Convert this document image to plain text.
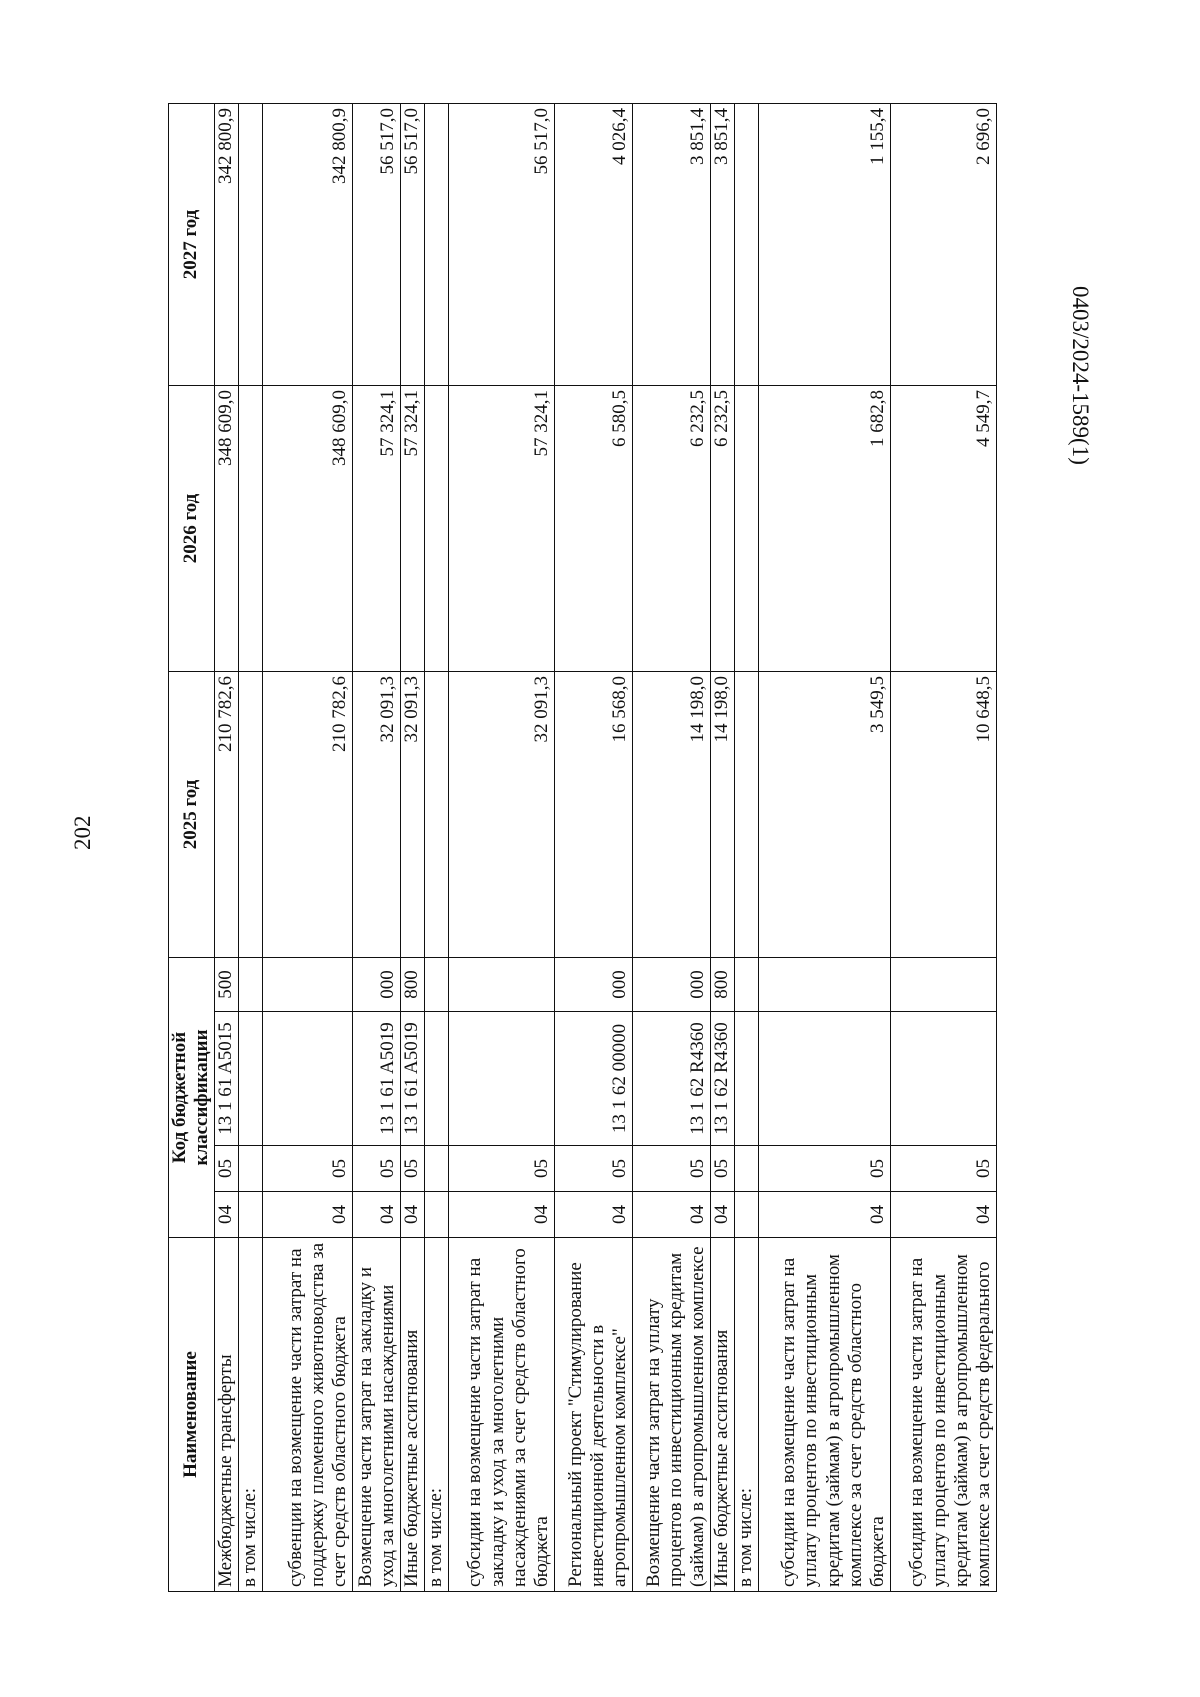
202
0403/2024-1589(1)
Наименование	Код бюджетной классификации				2025 год	2026 год	2027 год
Межбюджетные трансферты	04	05	13 1 61 A5015	500	210 782,6	348 609,0	342 800,9
в том числе:							
субвенции на возмещение части затрат на поддержку племенного животноводства за счет средств областного бюджета	04	05			210 782,6	348 609,0	342 800,9
Возмещение части затрат на закладку и уход за многолетними насаждениями	04	05	13 1 61 A5019	000	32 091,3	57 324,1	56 517,0
Иные бюджетные ассигнования	04	05	13 1 61 A5019	800	32 091,3	57 324,1	56 517,0
в том числе:							
субсидии на возмещение части затрат на закладку и уход за многолетними насаждениями за счет средств областного бюджета	04	05			32 091,3	57 324,1	56 517,0
Региональный проект "Стимулирование инвестиционной деятельности в агропромышленном комплексе"	04	05	13 1 62 00000	000	16 568,0	6 580,5	4 026,4
Возмещение части затрат на уплату процентов по инвестиционным кредитам (займам) в агропромышленном комплексе	04	05	13 1 62 R4360	000	14 198,0	6 232,5	3 851,4
Иные бюджетные ассигнования	04	05	13 1 62 R4360	800	14 198,0	6 232,5	3 851,4
в том числе:							
субсидии на возмещение части затрат на уплату процентов по инвестиционным кредитам (займам) в агропромышленном комплексе за счет средств областного бюджета	04	05			3 549,5	1 682,8	1 155,4
субсидии на возмещение части затрат на уплату процентов по инвестиционным кредитам (займам) в агропромышленном комплексе за счет средств федерального	04	05			10 648,5	4 549,7	2 696,0
